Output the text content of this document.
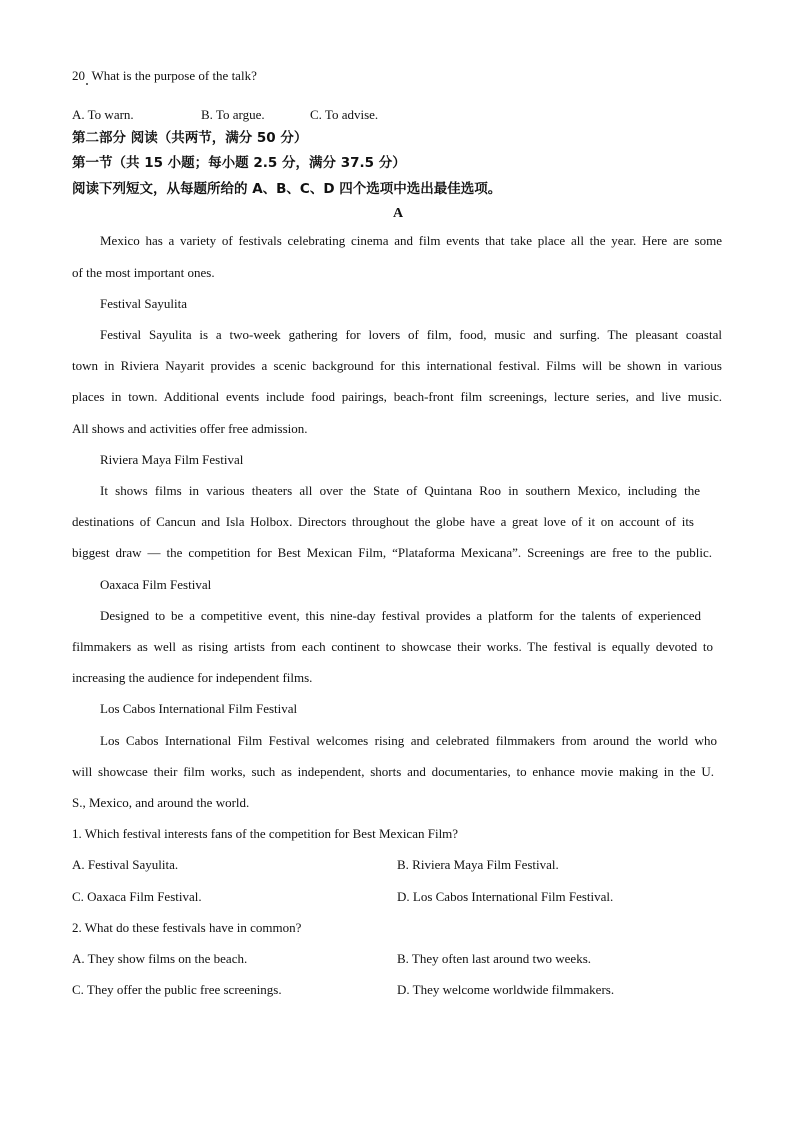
20 What is the purpose of the talk?
A. To warn.	B. To argue.	C. To advise.
第二部分 阅读（共两节，满分 50 分）
第一节（共 15 小题；每小题 2.5 分，满分 37.5 分）
阅读下列短文，从每题所给的 A、B、C、D 四个选项中选出最佳选项。
A
Mexico has a variety of festivals celebrating cinema and film events that take place all the year. Here are some
of the most important ones.
Festival Sayulita
Festival Sayulita is a two-week gathering for lovers of film, food, music and surfing. The pleasant coastal
town in Riviera Nayarit provides a scenic background for this international festival. Films will be shown in various
places in town. Additional events include food pairings, beach-front film screenings, lecture series, and live music.
All shows and activities offer free admission.
Riviera Maya Film Festival
It shows films in various theaters all over the State of Quintana Roo in southern Mexico, including the
destinations of Cancun and Isla Holbox. Directors throughout the globe have a great love of it on account of its
biggest draw — the competition for Best Mexican Film, “Plataforma Mexicana”. Screenings are free to the public.
Oaxaca Film Festival
Designed to be a competitive event, this nine-day festival provides a platform for the talents of experienced
filmmakers as well as rising artists from each continent to showcase their works. The festival is equally devoted to
increasing the audience for independent films.
Los Cabos International Film Festival
Los Cabos International Film Festival welcomes rising and celebrated filmmakers from around the world who
will showcase their film works, such as independent, shorts and documentaries, to enhance movie making in the U.
S., Mexico, and around the world.
1. Which festival interests fans of the competition for Best Mexican Film?
A. Festival Sayulita.	B. Riviera Maya Film Festival.
C. Oaxaca Film Festival.	D. Los Cabos International Film Festival.
2. What do these festivals have in common?
A. They show films on the beach.	B. They often last around two weeks.
C. They offer the public free screenings.	D. They welcome worldwide filmmakers.
